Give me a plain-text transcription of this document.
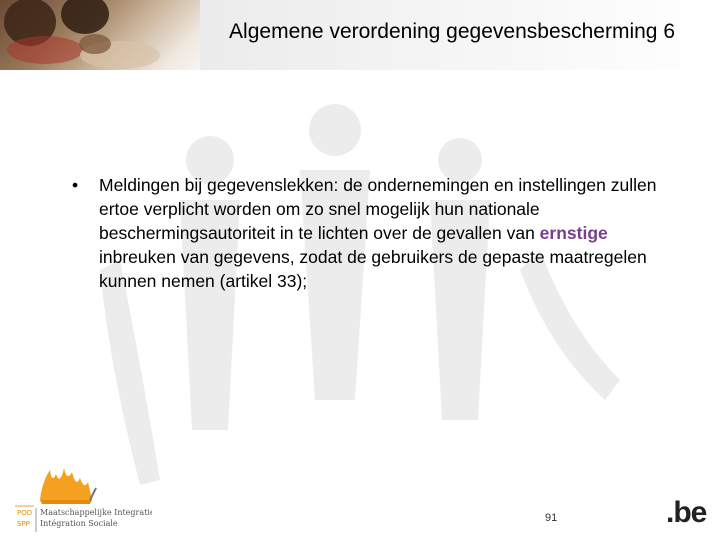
Algemene verordening gegevensbescherming 6
• Meldingen bij gegevenslekken: de ondernemingen en instellingen zullen ertoe verplicht worden om zo snel mogelijk hun nationale beschermingsautoriteit in te lichten over de gevallen van ernstige inbreuken van gegevens, zodat de gebruikers de gepaste maatregelen kunnen nemen (artikel 33);
POD
SPP
Maatschappelijke Integratie
Intégration Sociale	91	.be
